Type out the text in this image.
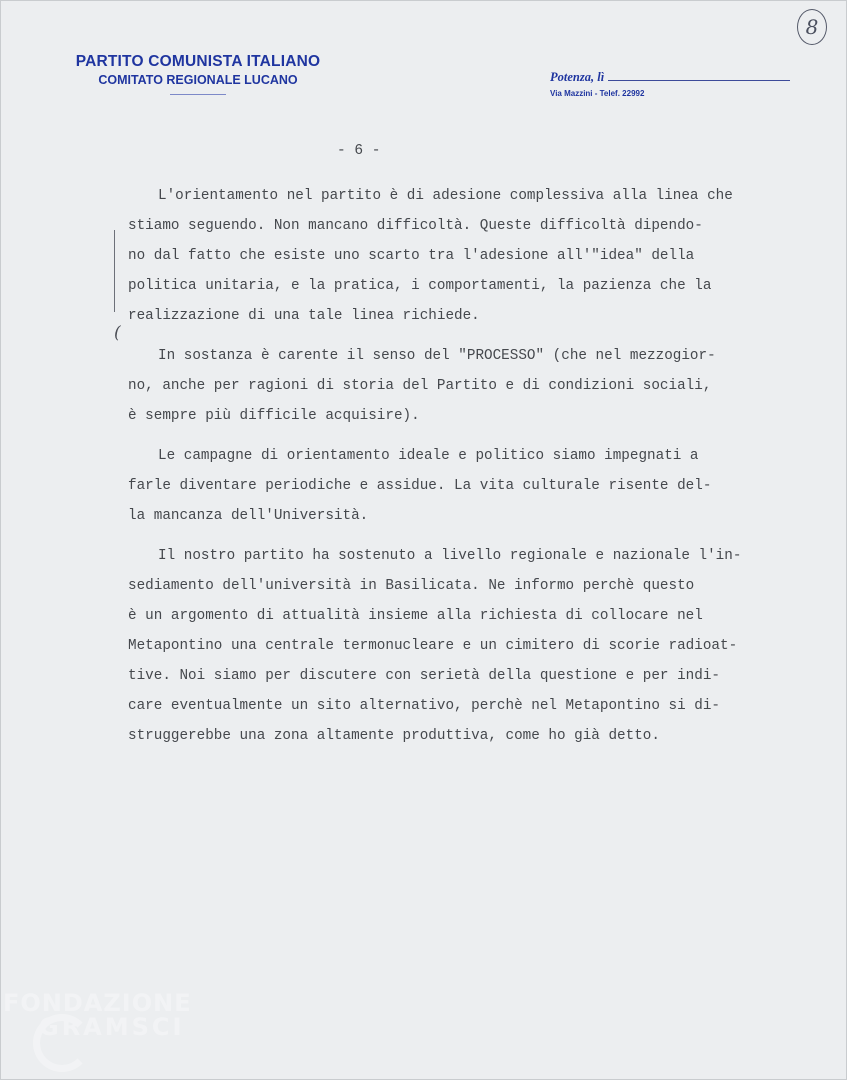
PARTITO COMUNISTA ITALIANO
COMITATO REGIONALE LUCANO	Potenza, lì
Via Mazzini - Telef. 22992
8
- 6 -
(

L'orientamento nel partito è di adesione complessiva alla linea che
stiamo seguendo. Non mancano difficoltà. Queste difficoltà dipendo-
no dal fatto che esiste uno scarto tra l'adesione all'"idea" della
politica unitaria, e la pratica, i comportamenti, la pazienza che la
realizzazione di una tale linea richiede.

In sostanza è carente il senso del "PROCESSO" (che nel mezzogior-
no, anche per ragioni di storia del Partito e di condizioni sociali,
è sempre più difficile acquisire).

Le campagne di orientamento ideale e politico siamo impegnati a
farle diventare periodiche e assidue. La vita culturale risente del-
la mancanza dell'Università.

Il nostro partito ha sostenuto a livello regionale e nazionale l'in-
sediamento dell'università in Basilicata. Ne informo perchè questo
è un argomento di attualità insieme alla richiesta di collocare nel
Metapontino una centrale termonucleare e un cimitero di scorie radioat-
tive. Noi siamo per discutere con serietà della questione e per indi-
care eventualmente un sito alternativo, perchè nel Metapontino si di-
struggerebbe una zona altamente produttiva, come ho già detto.

FONDAZIONE
GRAMSCI
